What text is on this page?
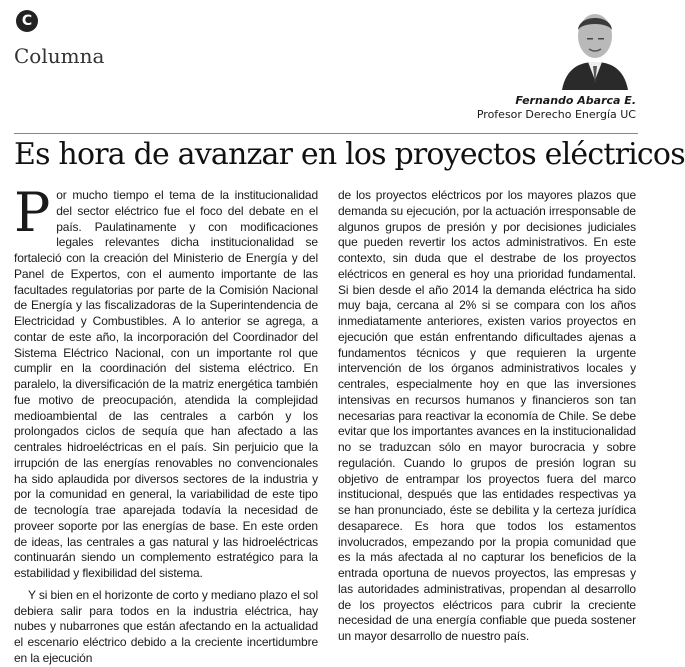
C
Columna
Fernando Abarca E.
Profesor Derecho Energía UC
Es hora de avanzar en los proyectos eléctricos

Por mucho tiempo el tema de la institucionalidad del sector eléctrico fue el foco del debate en el país. Paulatinamente y con modificaciones legales relevantes dicha institucionalidad se fortaleció con la creación del Ministerio de Energía y del Panel de Expertos, con el aumento importante de las facultades regulatorias por parte de la Comisión Nacional de Energía y las fiscalizadoras de la Superintendencia de Electricidad y Combustibles. A lo anterior se agrega, a contar de este año, la incorporación del Coordinador del Sistema Eléctrico Nacional, con un importante rol que cumplir en la coordinación del sistema eléctrico. En paralelo, la diversificación de la matriz energética también fue motivo de preocupación, atendida la complejidad medioambiental de las centrales a carbón y los prolongados ciclos de sequía que han afectado a las centrales hidroeléctricas en el país. Sin perjuicio que la irrupción de las energías renovables no convencionales ha sido aplaudida por diversos sectores de la industria y por la comunidad en general, la variabilidad de este tipo de tecnología trae aparejada todavía la necesidad de proveer soporte por las energías de base. En este orden de ideas, las centrales a gas natural y las hidroeléctricas continuarán siendo un complemento estratégico para la estabilidad y flexibilidad del sistema.

Y si bien en el horizonte de corto y mediano plazo el sol debiera salir para todos en la industria eléctrica, hay nubes y nubarrones que están afectando en la actualidad el escenario eléctrico debido a la creciente incertidumbre en la ejecución

de los proyectos eléctricos por los mayores plazos que demanda su ejecución, por la actuación irresponsable de algunos grupos de presión y por decisiones judiciales que pueden revertir los actos administrativos. En este contexto, sin duda que el destrabe de los proyectos eléctricos en general es hoy una prioridad fundamental. Si bien desde el año 2014 la demanda eléctrica ha sido muy baja, cercana al 2% si se compara con los años inmediatamente anteriores, existen varios proyectos en ejecución que están enfrentando dificultades ajenas a fundamentos técnicos y que requieren la urgente intervención de los órganos administrativos locales y centrales, especialmente hoy en que las inversiones intensivas en recursos humanos y financieros son tan necesarias para reactivar la economía de Chile. Se debe evitar que los importantes avances en la institucionalidad no se traduzcan sólo en mayor burocracia y sobre regulación. Cuando lo grupos de presión logran su objetivo de entrampar los proyectos fuera del marco institucional, después que las entidades respectivas ya se han pronunciado, éste se debilita y la certeza jurídica desaparece. Es hora que todos los estamentos involucrados, empezando por la propia comunidad que es la más afectada al no capturar los beneficios de la entrada oportuna de nuevos proyectos, las empresas y las autoridades administrativas, propendan al desarrollo de los proyectos eléctricos para cubrir la creciente necesidad de una energía confiable que pueda sostener un mayor desarrollo de nuestro país.
